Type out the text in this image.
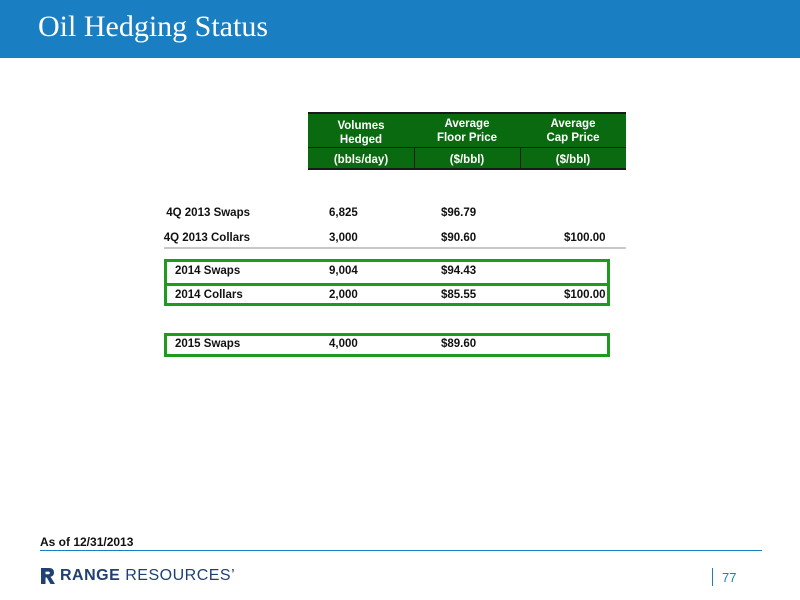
Oil Hedging Status
Volumes
Hedged
Average
Floor Price
Average
Cap Price
(bbls/day)	($/bbl)	($/bbl)
4Q 2013 Swaps	6,825	$96.79
4Q 2013 Collars	3,000	$90.60	$100.00
2014 Swaps	9,004	$94.43
2014 Collars	2,000	$85.55	$100.00
2015 Swaps	4,000	$89.60
As of 12/31/2013
RANGE RESOURCES’	77
